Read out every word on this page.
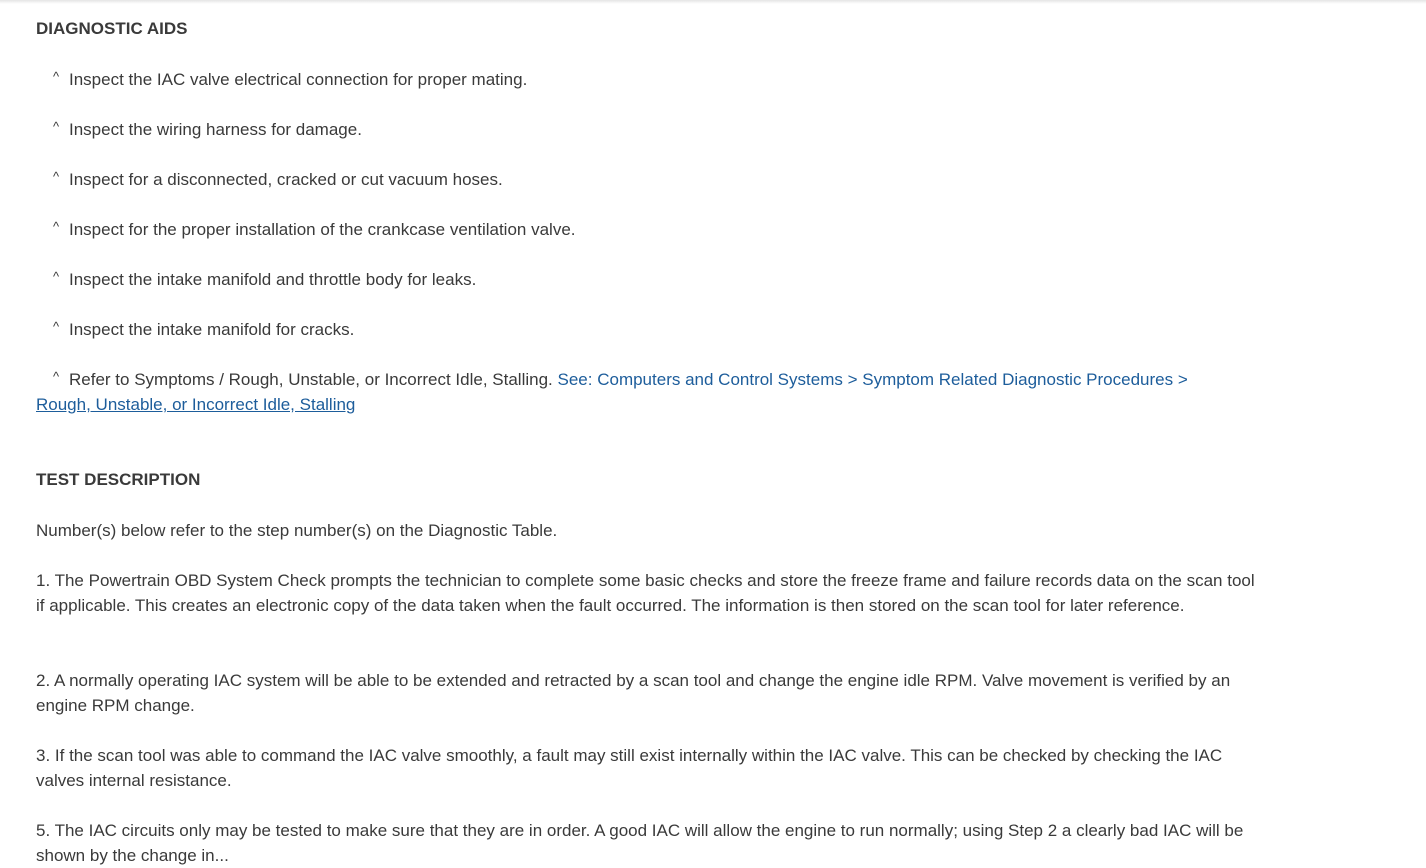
DIAGNOSTIC AIDS
^ Inspect the IAC valve electrical connection for proper mating.
^ Inspect the wiring harness for damage.
^ Inspect for a disconnected, cracked or cut vacuum hoses.
^ Inspect for the proper installation of the crankcase ventilation valve.
^ Inspect the intake manifold and throttle body for leaks.
^ Inspect the intake manifold for cracks.
^ Refer to Symptoms / Rough, Unstable, or Incorrect Idle, Stalling. See: Computers and Control Systems > Symptom Related Diagnostic Procedures >
Rough, Unstable, or Incorrect Idle, Stalling
TEST DESCRIPTION
Number(s) below refer to the step number(s) on the Diagnostic Table.
1. The Powertrain OBD System Check prompts the technician to complete some basic checks and store the freeze frame and failure records data on the scan tool if applicable. This creates an electronic copy of the data taken when the fault occurred. The information is then stored on the scan tool for later reference.
2. A normally operating IAC system will be able to be extended and retracted by a scan tool and change the engine idle RPM. Valve movement is verified by an engine RPM change.
3. If the scan tool was able to command the IAC valve smoothly, a fault may still exist internally within the IAC valve. This can be checked by checking the IAC valves internal resistance.
5. The IAC circuits only may be tested to make sure that they are in order. A good IAC will allow the engine to run normally; using Step 2 a clearly bad IAC will be shown by the change in...
